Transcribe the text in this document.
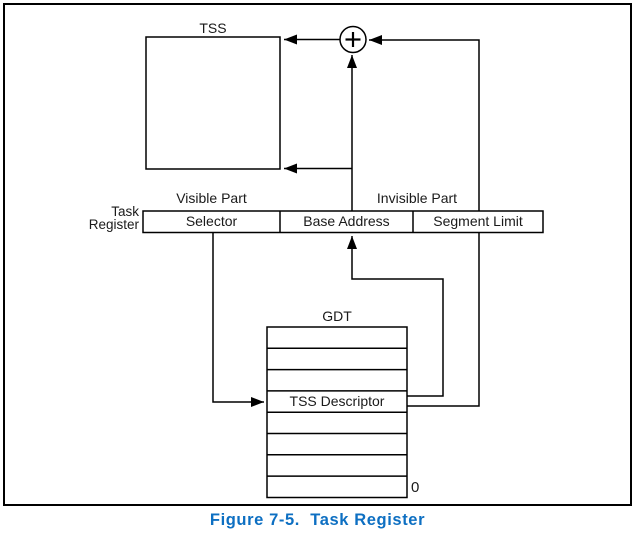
TSS
Visible Part	Invisible Part
Task
Register	Selector	Base Address	Segment Limit
GDT
TSS Descriptor
0
Figure 7-5.  Task Register
